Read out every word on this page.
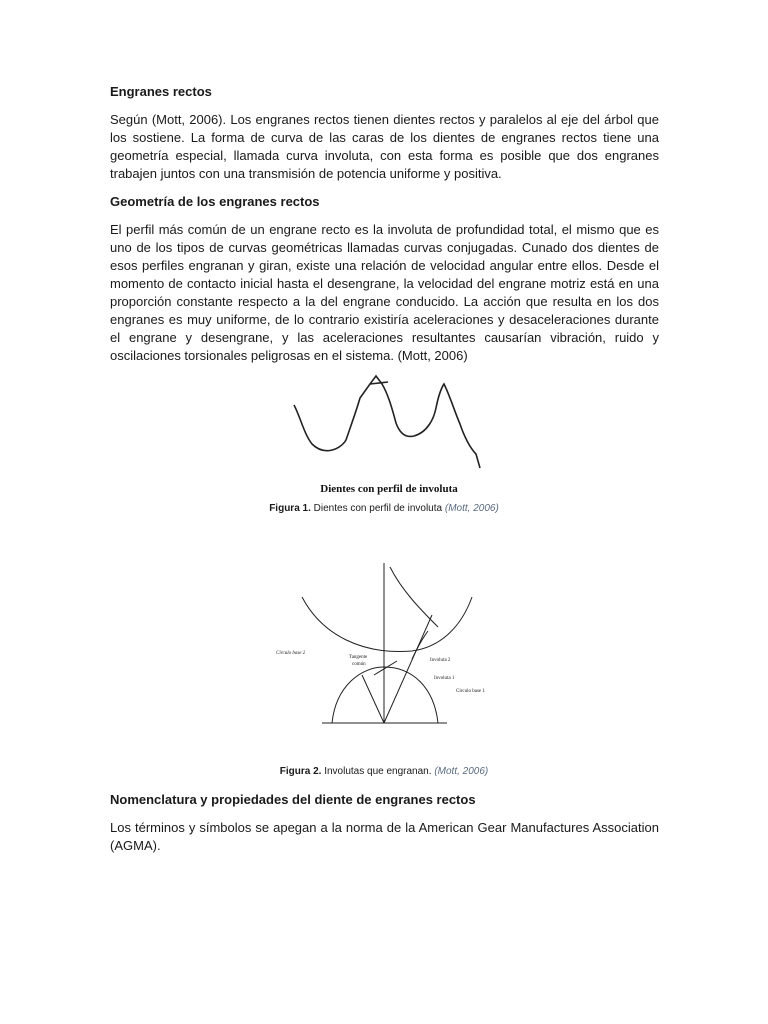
Engranes rectos

Según (Mott, 2006). Los engranes rectos tienen dientes rectos y paralelos al eje del árbol que los sostiene. La forma de curva de las caras de los dientes de engranes rectos tiene una geometría especial, llamada curva involuta, con esta forma es posible que dos engranes trabajen juntos con una transmisión de potencia uniforme y positiva.

Geometría de los engranes rectos

El perfil más común de un engrane recto es la involuta de profundidad total, el mismo que es uno de los tipos de curvas geométricas llamadas curvas conjugadas. Cunado dos dientes de esos perfiles engranan y giran, existe una relación de velocidad angular entre ellos. Desde el momento de contacto inicial hasta el desengrane, la velocidad del engrane motriz está en una proporción constante respecto a la del engrane conducido. La acción que resulta en los dos engranes es muy uniforme, de lo contrario existiría aceleraciones y desaceleraciones durante el engrane y desengrane, y las aceleraciones resultantes causarían vibración, ruido y oscilaciones torsionales peligrosas en el sistema. (Mott, 2006)

Dientes con perfil de involuta
Figura 1. Dientes con perfil de involuta (Mott, 2006)
Círculo base 2
Tangente
común
Involuta 2
Involuta 1
Círculo base 1
Figura 2. Involutas que engranan. (Mott, 2006)

Nomenclatura y propiedades del diente de engranes rectos

Los términos y símbolos se apegan a la norma de la American Gear Manufactures Association (AGMA).
